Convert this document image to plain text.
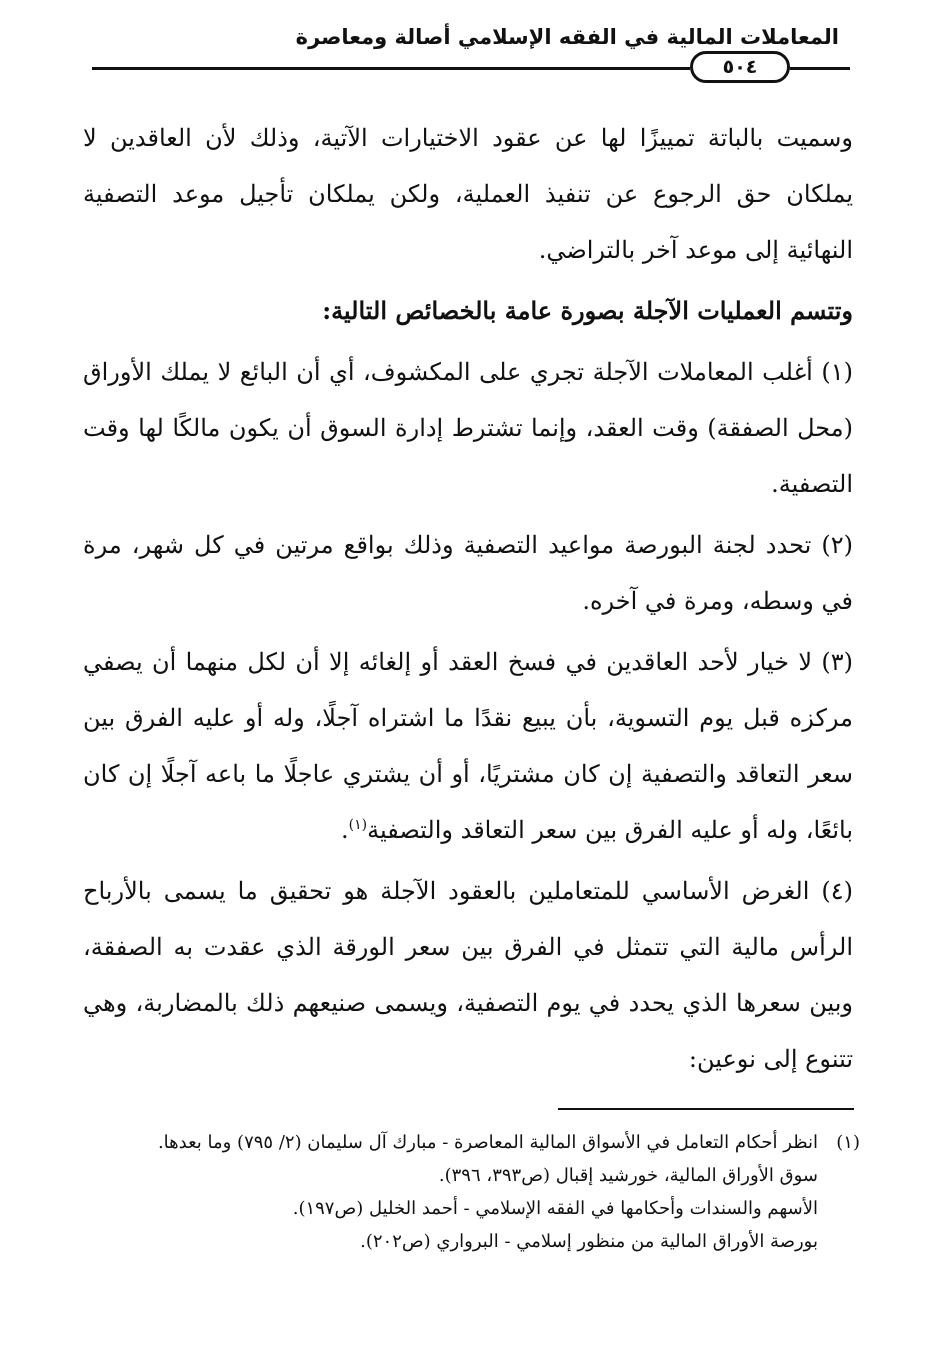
المعاملات المالية في الفقه الإسلامي أصالة ومعاصرة
٥٠٤

وسميت بالباتة تمييزًا لها عن عقود الاختيارات الآتية، وذلك لأن العاقدين لا يملكان حق الرجوع عن تنفيذ العملية، ولكن يملكان تأجيل موعد التصفية النهائية إلى موعد آخر بالتراضي.

وتتسم العمليات الآجلة بصورة عامة بالخصائص التالية:

(١) أغلب المعاملات الآجلة تجري على المكشوف، أي أن البائع لا يملك الأوراق (محل الصفقة) وقت العقد، وإنما تشترط إدارة السوق أن يكون مالكًا لها وقت التصفية.

(٢) تحدد لجنة البورصة مواعيد التصفية وذلك بواقع مرتين في كل شهر، مرة في وسطه، ومرة في آخره.

(٣) لا خيار لأحد العاقدين في فسخ العقد أو إلغائه إلا أن لكل منهما أن يصفي مركزه قبل يوم التسوية، بأن يبيع نقدًا ما اشتراه آجلًا، وله أو عليه الفرق بين سعر التعاقد والتصفية إن كان مشتريًا، أو أن يشتري عاجلًا ما باعه آجلًا إن كان بائعًا، وله أو عليه الفرق بين سعر التعاقد والتصفية$^{(١)}$.

(٤) الغرض الأساسي للمتعاملين بالعقود الآجلة هو تحقيق ما يسمى بالأرباح الرأس مالية التي تتمثل في الفرق بين سعر الورقة الذي عقدت به الصفقة، وبين سعرها الذي يحدد في يوم التصفية، ويسمى صنيعهم ذلك بالمضاربة، وهي تتنوع إلى نوعين:

(١)انظر أحكام التعامل في الأسواق المالية المعاصرة - مبارك آل سليمان (٢/ ٧٩٥) وما بعدها.

سوق الأوراق المالية، خورشيد إقبال (ص٣٩٣، ٣٩٦).

الأسهم والسندات وأحكامها في الفقه الإسلامي - أحمد الخليل (ص١٩٧).

بورصة الأوراق المالية من منظور إسلامي - البرواري (ص٢٠٢).
